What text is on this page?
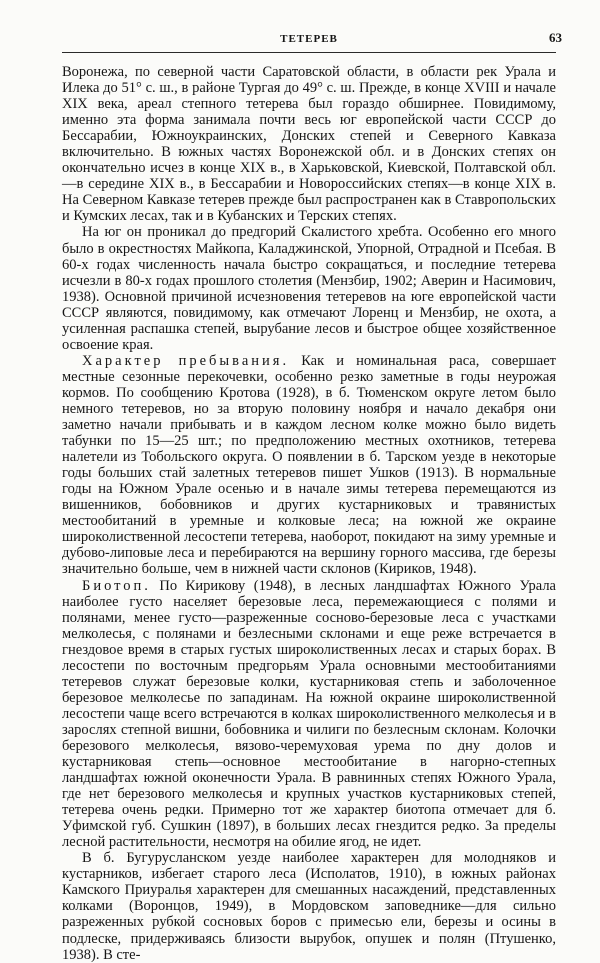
ТЕТЕРЕВ	63

Воронежа, по северной части Саратовской области, в области рек Урала и Илека до 51° с. ш., в районе Тургая до 49° с. ш. Прежде, в конце XVIII и начале XIX века, ареал степного тетерева был гораздо обширнее. Повидимому, именно эта форма занимала почти весь юг европейской части СССР до Бессарабии, Южноукраинских, Донских степей и Северного Кавказа включительно. В южных частях Воронежской обл. и в Донских степях он окончательно исчез в конце XIX в., в Харьковской, Киевской, Полтавской обл.—в середине XIX в., в Бессарабии и Новороссийских степях—в конце XIX в. На Северном Кавказе тетерев прежде был распространен как в Ставропольских и Кумских лесах, так и в Кубанских и Терских степях.

На юг он проникал до предгорий Скалистого хребта. Особенно его много было в окрестностях Майкопа, Каладжинской, Упорной, Отрадной и Псебая. В 60-х годах численность начала быстро сокращаться, и последние тетерева исчезли в 80-х годах прошлого столетия (Мензбир, 1902; Аверин и Насимович, 1938). Основной причиной исчезновения тетеревов на юге европейской части СССР являются, повидимому, как отмечают Лоренц и Мензбир, не охота, а усиленная распашка степей, вырубание лесов и быстрое общее хозяйственное освоение края.

Характер пребывания. Как и номинальная раса, совершает местные сезонные перекочевки, особенно резко заметные в годы неурожая кормов. По сообщению Кротова (1928), в б. Тюменском округе летом было немного тетеревов, но за вторую половину ноября и начало декабря они заметно начали прибывать и в каждом лесном колке можно было видеть табунки по 15—25 шт.; по предположению местных охотников, тетерева налетели из Тобольского округа. О появлении в б. Тарском уезде в некоторые годы больших стай залетных тетеревов пишет Ушков (1913). В нормальные годы на Южном Урале осенью и в начале зимы тетерева перемещаются из вишенников, бобовников и других кустарниковых и травянистых местообитаний в уремные и колковые леса; на южной же окраине широколиственной лесостепи тетерева, наоборот, покидают на зиму уремные и дубово-липовые леса и перебираются на вершину горного массива, где березы значительно больше, чем в нижней части склонов (Кириков, 1948).

Биотоп. По Кирикову (1948), в лесных ландшафтах Южного Урала наиболее густо населяет березовые леса, перемежающиеся с полями и полянами, менее густо—разреженные сосново-березовые леса с участками мелколесья, с полянами и безлесными склонами и еще реже встречается в гнездовое время в старых густых широколиственных лесах и старых борах. В лесостепи по восточным предгорьям Урала основными местообитаниями тетеревов служат березовые колки, кустарниковая степь и заболоченное березовое мелколесье по западинам. На южной окраине широколиственной лесостепи чаще всего встречаются в колках широколиственного мелколесья и в зарослях степной вишни, бобовника и чилиги по безлесным склонам. Колочки березового мелколесья, вязово-черемуховая урема по дну долов и кустарниковая степь—основное местообитание в нагорно-степных ландшафтах южной оконечности Урала. В равнинных степях Южного Урала, где нет березового мелколесья и крупных участков кустарниковых степей, тетерева очень редки. Примерно тот же характер биотопа отмечает для б. Уфимской губ. Сушкин (1897), в больших лесах гнездится редко. За пределы лесной растительности, несмотря на обилие ягод, не идет.

В б. Бугурусланском уезде наиболее характерен для молодняков и кустарников, избегает старого леса (Исполатов, 1910), в южных районах Камского Приуралья характерен для смешанных насаждений, представленных колками (Воронцов, 1949), в Мордовском заповеднике—для сильно разреженных рубкой сосновых боров с примесью ели, березы и осины в подлеске, придерживаясь близости вырубок, опушек и полян (Птушенко, 1938). В сте-
